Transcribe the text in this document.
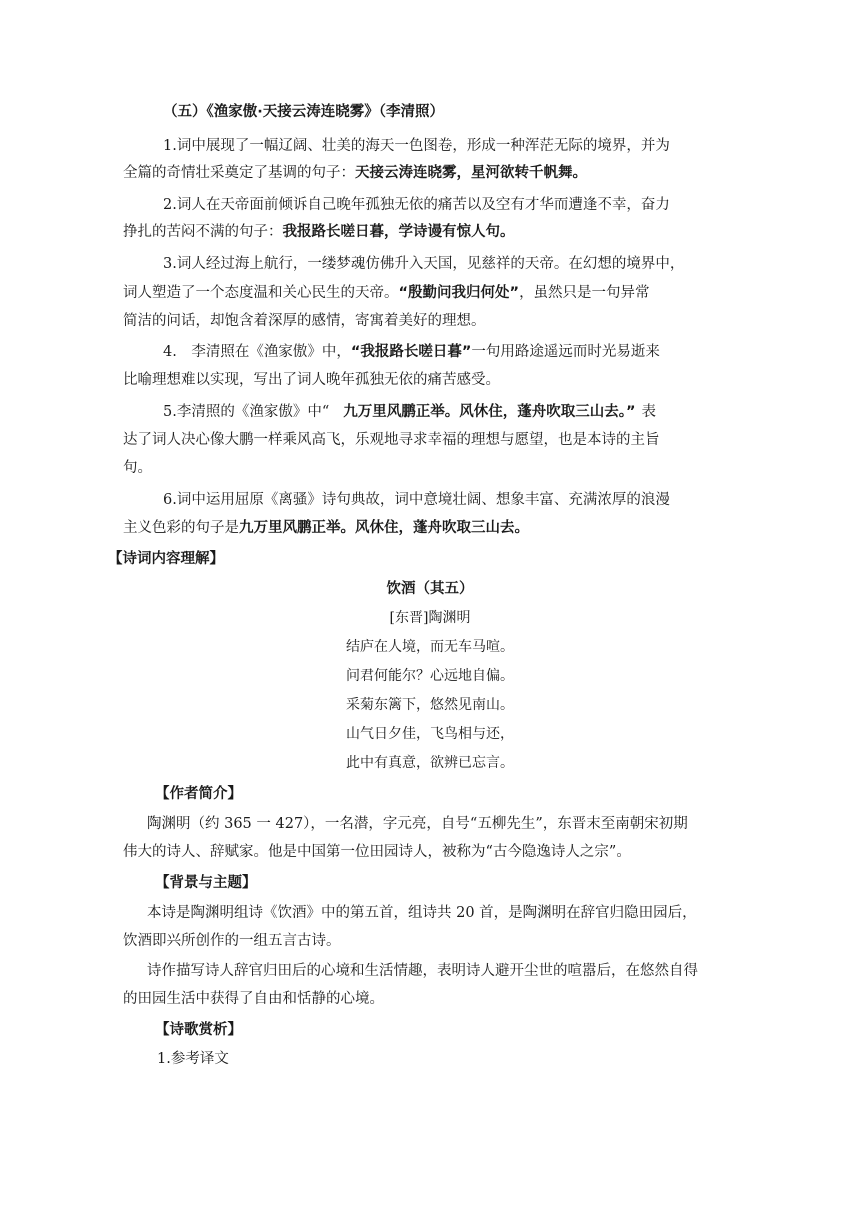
（五）《渔家傲·天接云涛连晓雾》（李清照）
1.词中展现了一幅辽阔、壮美的海天一色图卷，形成一种浑茫无际的境界，并为
全篇的奇情壮采奠定了基调的句子：天接云涛连晓雾，星河欲转千帆舞。
2.词人在天帝面前倾诉自己晚年孤独无依的痛苦以及空有才华而遭逢不幸，奋力
挣扎的苦闷不满的句子：我报路长嗟日暮，学诗谩有惊人句。
3.词人经过海上航行，一缕梦魂仿佛升入天国，见慈祥的天帝。在幻想的境界中，
词人塑造了一个态度温和关心民生的天帝。“殷勤问我归何处”，虽然只是一句异常
简洁的问话，却饱含着深厚的感情，寄寓着美好的理想。
4.　李清照在《渔家傲》中，“我报路长嗟日暮”一句用路途遥远而时光易逝来
比喻理想难以实现，写出了词人晚年孤独无依的痛苦感受。
5.李清照的《渔家傲》中“ 九万里风鹏正举。风休住，蓬舟吹取三山去。” 表
达了词人决心像大鹏一样乘风高飞，乐观地寻求幸福的理想与愿望，也是本诗的主旨
句。
6.词中运用屈原《离骚》诗句典故，词中意境壮阔、想象丰富、充满浓厚的浪漫
主义色彩的句子是九万里风鹏正举。风休住，蓬舟吹取三山去。
【诗词内容理解】
饮酒（其五）
[东晋]陶渊明
结庐在人境，而无车马喧。
问君何能尔？心远地自偏。
采菊东篱下，悠然见南山。
山气日夕佳，飞鸟相与还，
此中有真意，欲辨已忘言。
【作者简介】
陶渊明（约 365 一 427），一名潜，字元亮，自号“五柳先生”，东晋末至南朝宋初期
伟大的诗人、辞赋家。他是中国第一位田园诗人，被称为“古今隐逸诗人之宗”。
【背景与主题】
本诗是陶渊明组诗《饮酒》中的第五首，组诗共 20 首，是陶渊明在辞官归隐田园后，
饮酒即兴所创作的一组五言古诗。
诗作描写诗人辞官归田后的心境和生活情趣，表明诗人避开尘世的喧嚣后，在悠然自得
的田园生活中获得了自由和恬静的心境。
【诗歌赏析】
1.参考译文
